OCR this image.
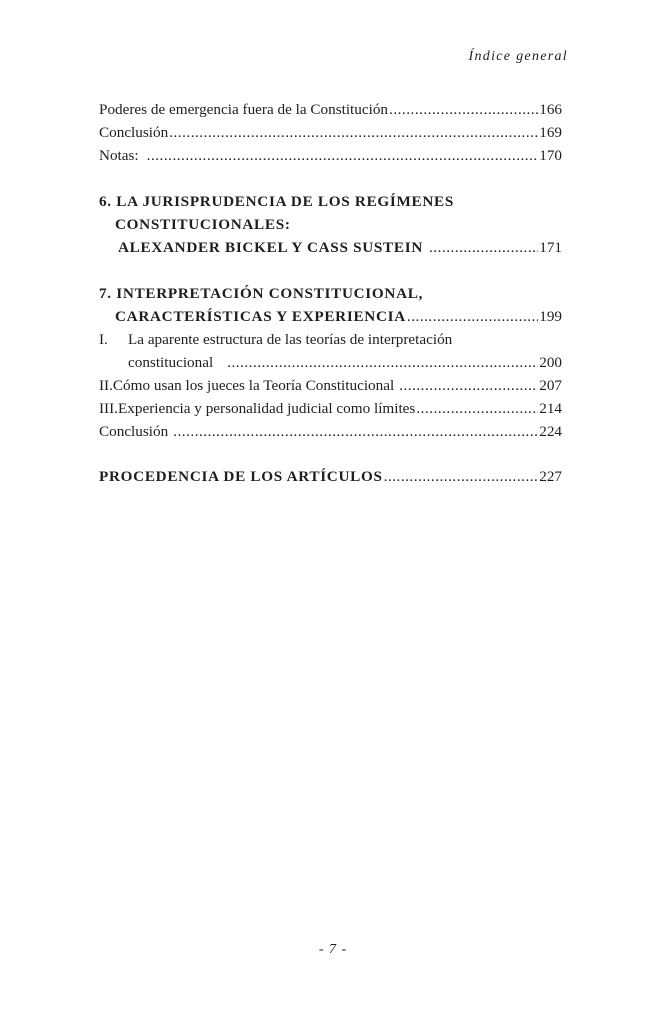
Índice general
Poderes de emergencia fuera de la Constitución .....	166
Conclusión .....	169
Notas: .....	170
6. LA JURISPRUDENCIA DE LOS REGÍMENES
CONSTITUCIONALES:
ALEXANDER BICKEL Y CASS SUSTEIN .....	171
7. INTERPRETACIÓN CONSTITUCIONAL,
CARACTERÍSTICAS Y EXPERIENCIA .....	199
I.	La aparente estructura de las teorías de interpretación
constitucional .....	200
II. Cómo usan los jueces la Teoría Constitucional .....	207
III. Experiencia y personalidad judicial como límites .....	214
Conclusión .....	224
PROCEDENCIA DE LOS ARTÍCULOS .....	227
- 7 -
